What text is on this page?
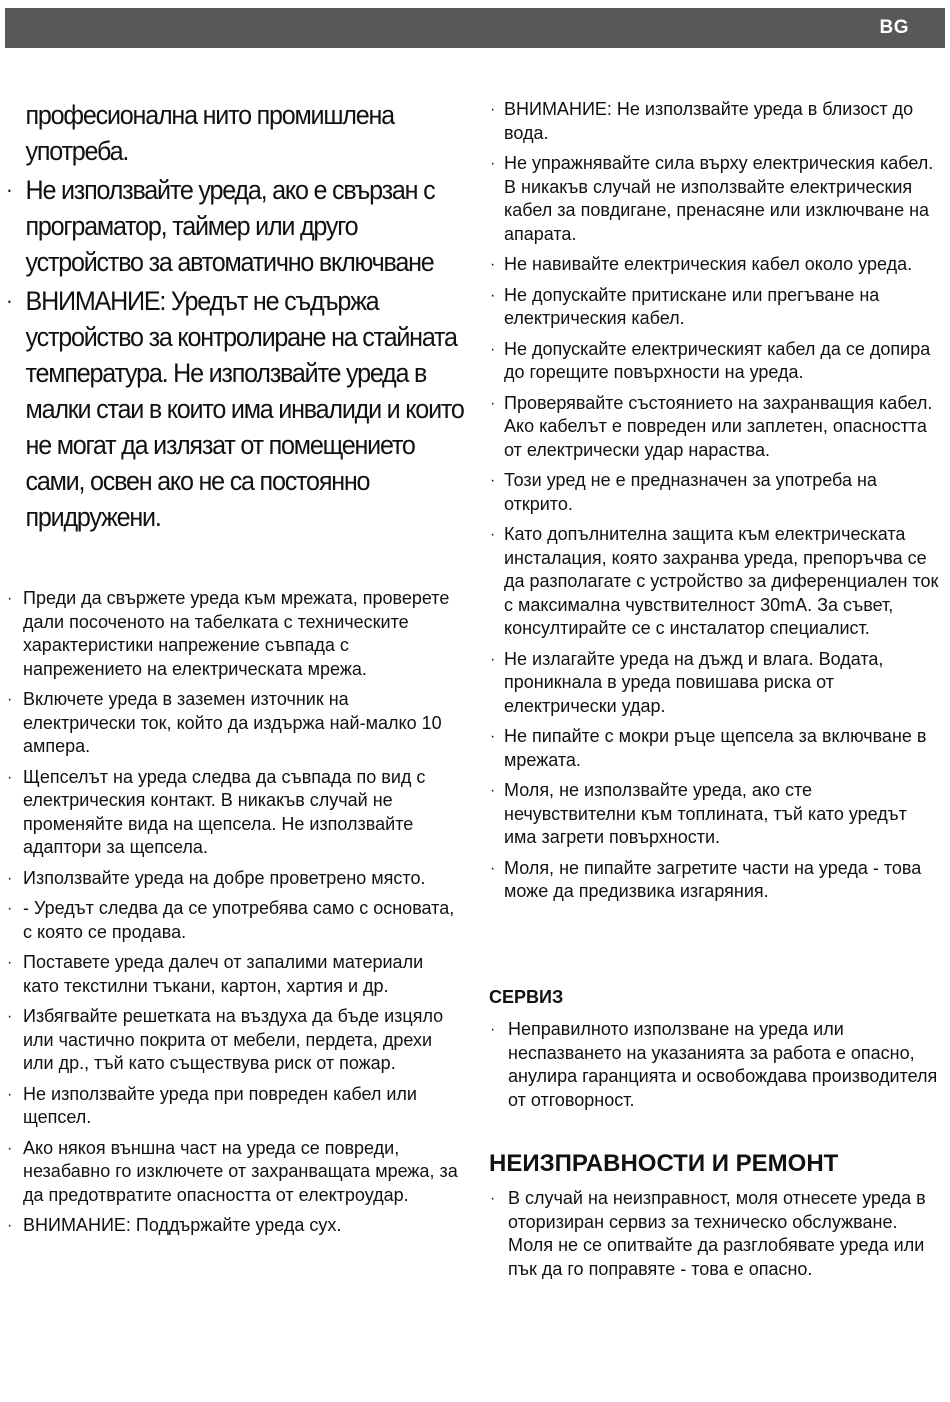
BG
професионална нито промишлена употреба.
· Не използвайте уреда, ако е свързан с програматор, таймер или друго устройство за автоматично включване
· ВНИМАНИЕ: Уредът не съдържа устройство за контролиране на стайната температура. Не използвайте уреда в малки стаи в които има инвалиди и които не могат да излязат от помещението сами, освен ако не са постоянно придружени.
· Преди да свържете уреда към мрежата, проверете дали посоченото на табелката с техническите характеристики напрежение съвпада с напрежението на електрическата мрежа.
· Включете уреда в заземен източник на електрически ток, който да издържа най-малко 10 ампера.
· Щепселът на уреда следва да съвпада по вид с електрическия контакт. В никакъв случай не променяйте вида на щепсела. Не използвайте адаптори за щепсела.
· Използвайте уреда на добре проветрено място.
· - Уредът следва да се употребява само с основата, с която се продава.
· Поставете уреда далеч от запалими материали като текстилни тъкани, картон, хартия и др.
· Избягвайте решетката на въздуха да бъде изцяло или частично покрита от мебели, пердета, дрехи или др., тъй като съществува риск от пожар.
· Не използвайте уреда при повреден кабел или щепсел.
· Ако някоя външна част на уреда се повреди, незабавно го изключете от захранващата мрежа, за да предотвратите опасността от електроудар.
· ВНИМАНИЕ: Поддържайте уреда сух.
· ВНИМАНИЕ: Не използвайте уреда в близост до вода.
· Не упражнявайте сила върху електрическия кабел. В никакъв случай не използвайте електрическия кабел за повдигане, пренасяне или изключване на апарата.
· Не навивайте електрическия кабел около уреда.
· Не допускайте притискане или прегъване на електрическия кабел.
· Не допускайте електрическият кабел да се допира до горещите повърхности на уреда.
· Проверявайте състоянието на захранващия кабел. Ако кабелът е повреден или заплетен, опасността от електрически удар нараства.
· Този уред не е предназначен за употреба на открито.
· Като допълнителна защита към електрическата инсталация, която захранва уреда, препоръчва се да разполагате с устройство за диференциален ток с максимална чувствителност 30mA. За съвет, консултирайте се с инсталатор специалист.
· Не излагайте уреда на дъжд и влага. Водата, проникнала в уреда повишава риска от електрически удар.
· Не пипайте с мокри ръце щепсела за включване в мрежата.
· Моля, не използвайте уреда, ако сте нечувствителни към топлината, тъй като уредът има загрети повърхности.
· Моля, не пипайте загретите части на уреда - това може да предизвика изгаряния.
СЕРВИЗ
· Неправилното използване на уреда или неспазването на указанията за работа е опасно, анулира гаранцията и освобождава производителя от отговорност.
НЕИЗПРАВНОСТИ И РЕМОНТ
· В случай на неизправност, моля отнесете уреда в оторизиран сервиз за техническо обслужване. Моля не се опитвайте да разглобявате уреда или пък да го поправяте - това е опасно.
